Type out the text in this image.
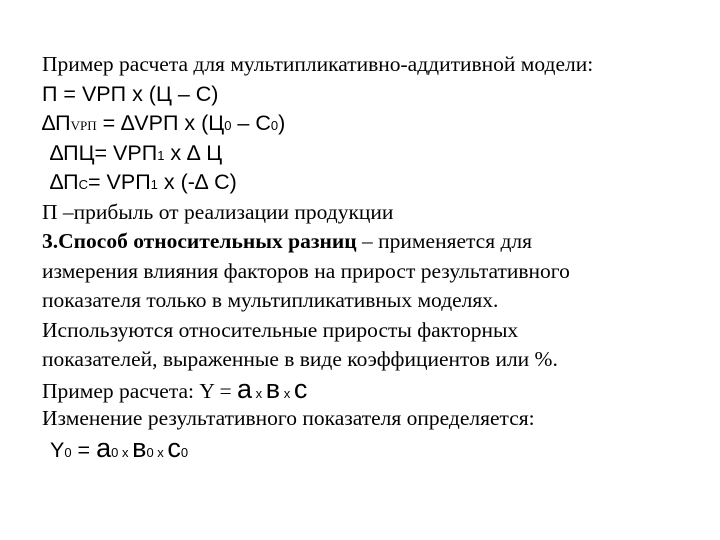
Пример расчета для мультипликативно-аддитивной модели:
П = VРП х (Ц – С)
∆ПVРП = ∆VРП х (Ц0 – С0)
∆ПЦ= VРП1 х ∆ Ц
∆ПС= VРП1 х (-∆ С)
П –прибыль от реализации продукции
3.Способ относительных разниц – применяется для
измерения влияния факторов на прирост результативного
показателя только в мультипликативных моделях.
Используются относительные приросты факторных
показателей, выраженные в виде коэффициентов или %.
Пример расчета: Y = а х в х с
Изменение результативного показателя определяется:
Y0 = а0 х в0 х с0
